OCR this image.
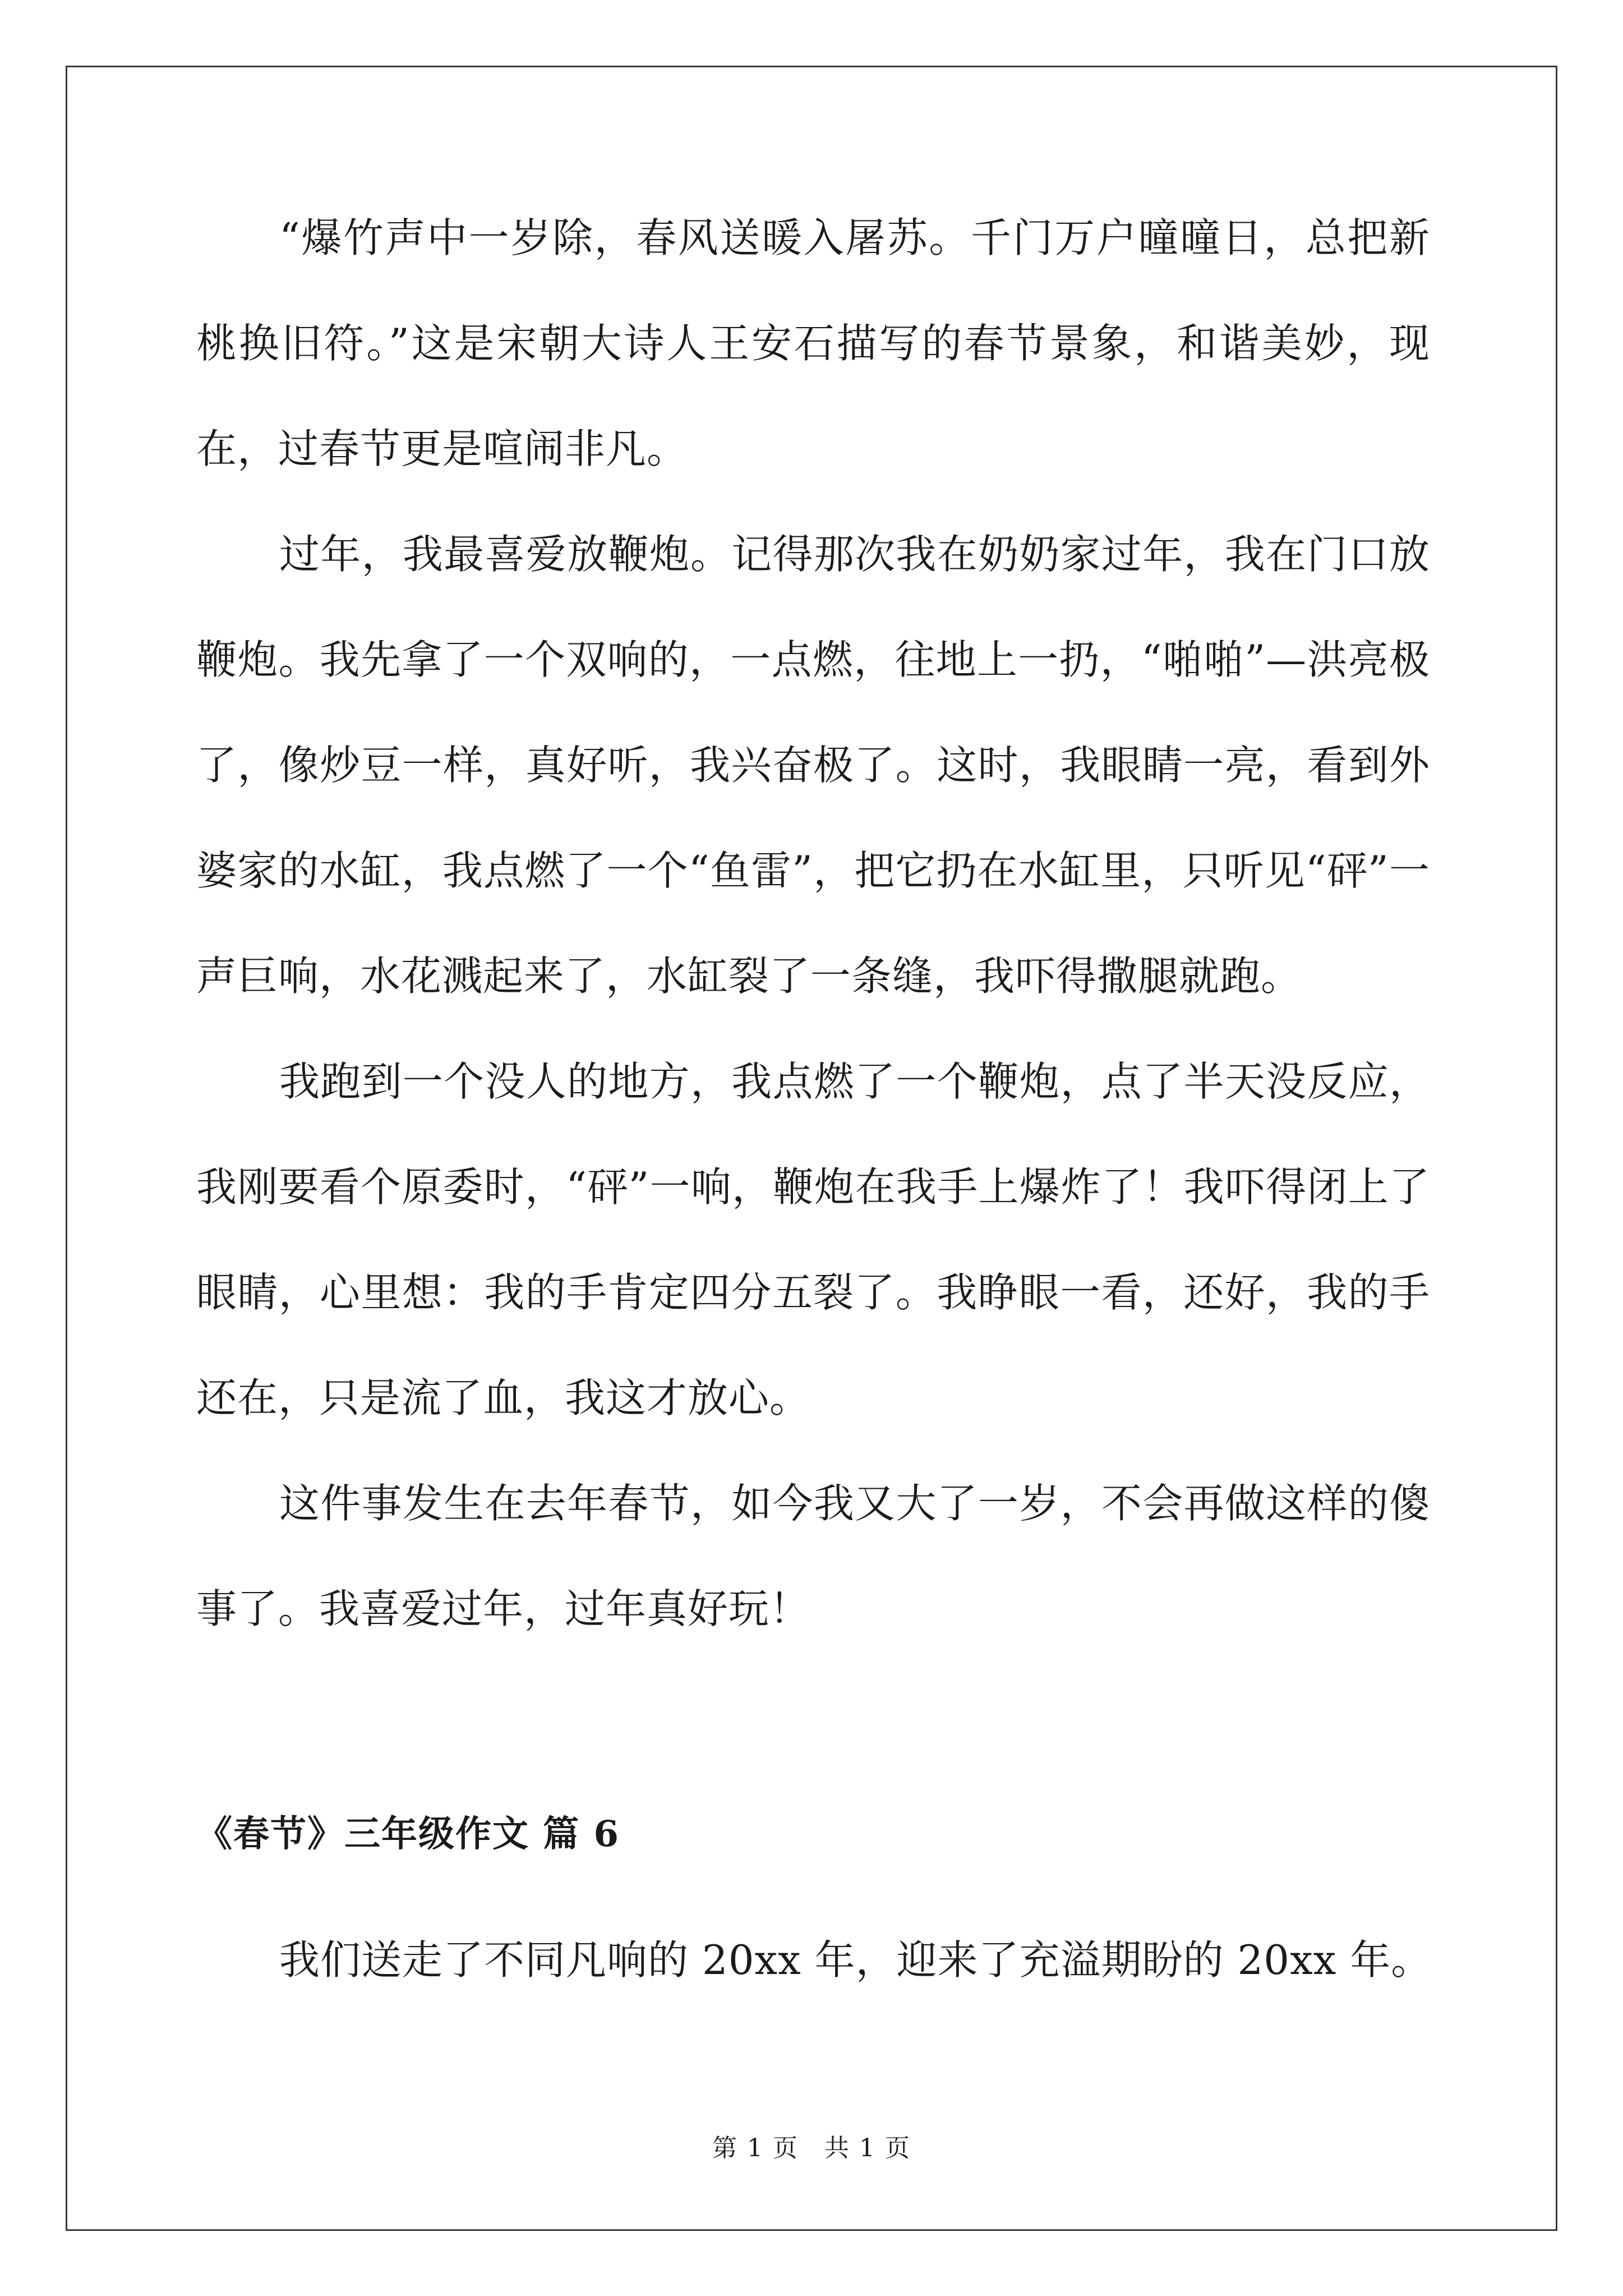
“爆竹声中一岁除，春风送暖入屠苏。千门万户曈曈日，总把新桃换旧符。”这是宋朝大诗人王安石描写的春节景象，和谐美妙，现在，过春节更是喧闹非凡。

过年，我最喜爱放鞭炮。记得那次我在奶奶家过年，我在门口放鞭炮。我先拿了一个双响的，一点燃，往地上一扔，“啪啪”—洪亮极了，像炒豆一样，真好听，我兴奋极了。这时，我眼睛一亮，看到外婆家的水缸，我点燃了一个“鱼雷”，把它扔在水缸里，只听见“砰”一声巨响，水花溅起来了，水缸裂了一条缝，我吓得撒腿就跑。

我跑到一个没人的地方，我点燃了一个鞭炮，点了半天没反应，我刚要看个原委时，“砰”一响，鞭炮在我手上爆炸了！我吓得闭上了眼睛，心里想：我的手肯定四分五裂了。我睁眼一看，还好，我的手还在，只是流了血，我这才放心。

这件事发生在去年春节，如今我又大了一岁，不会再做这样的傻事了。我喜爱过年，过年真好玩！

《春节》三年级作文 篇 6

我们送走了不同凡响的 20xx 年，迎来了充溢期盼的 20xx 年。

第 1 页　共 1 页
